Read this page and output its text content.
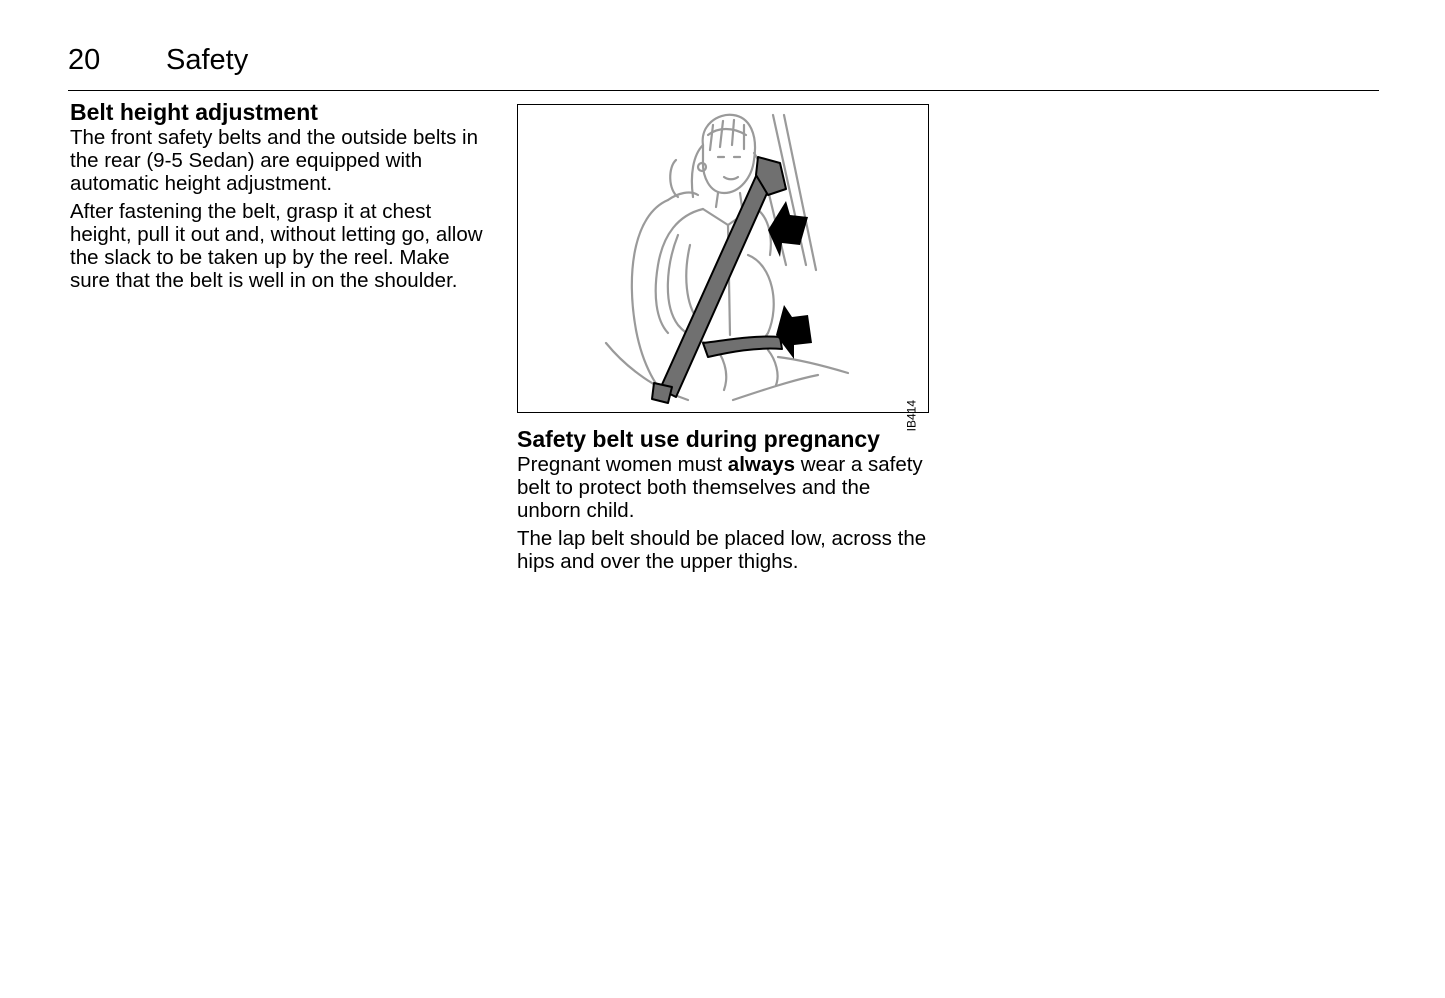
20 Safety
Belt height adjustment

The front safety belts and the outside belts in the rear (9-5 Sedan) are equipped with automatic height adjustment.

After fastening the belt, grasp it at chest height, pull it out and, without letting go, allow the slack to be taken up by the reel. Make sure that the belt is well in on the shoulder.

IB414
Safety belt use during pregnancy

Pregnant women must always wear a safety belt to protect both themselves and the unborn child.

The lap belt should be placed low, across the hips and over the upper thighs.
